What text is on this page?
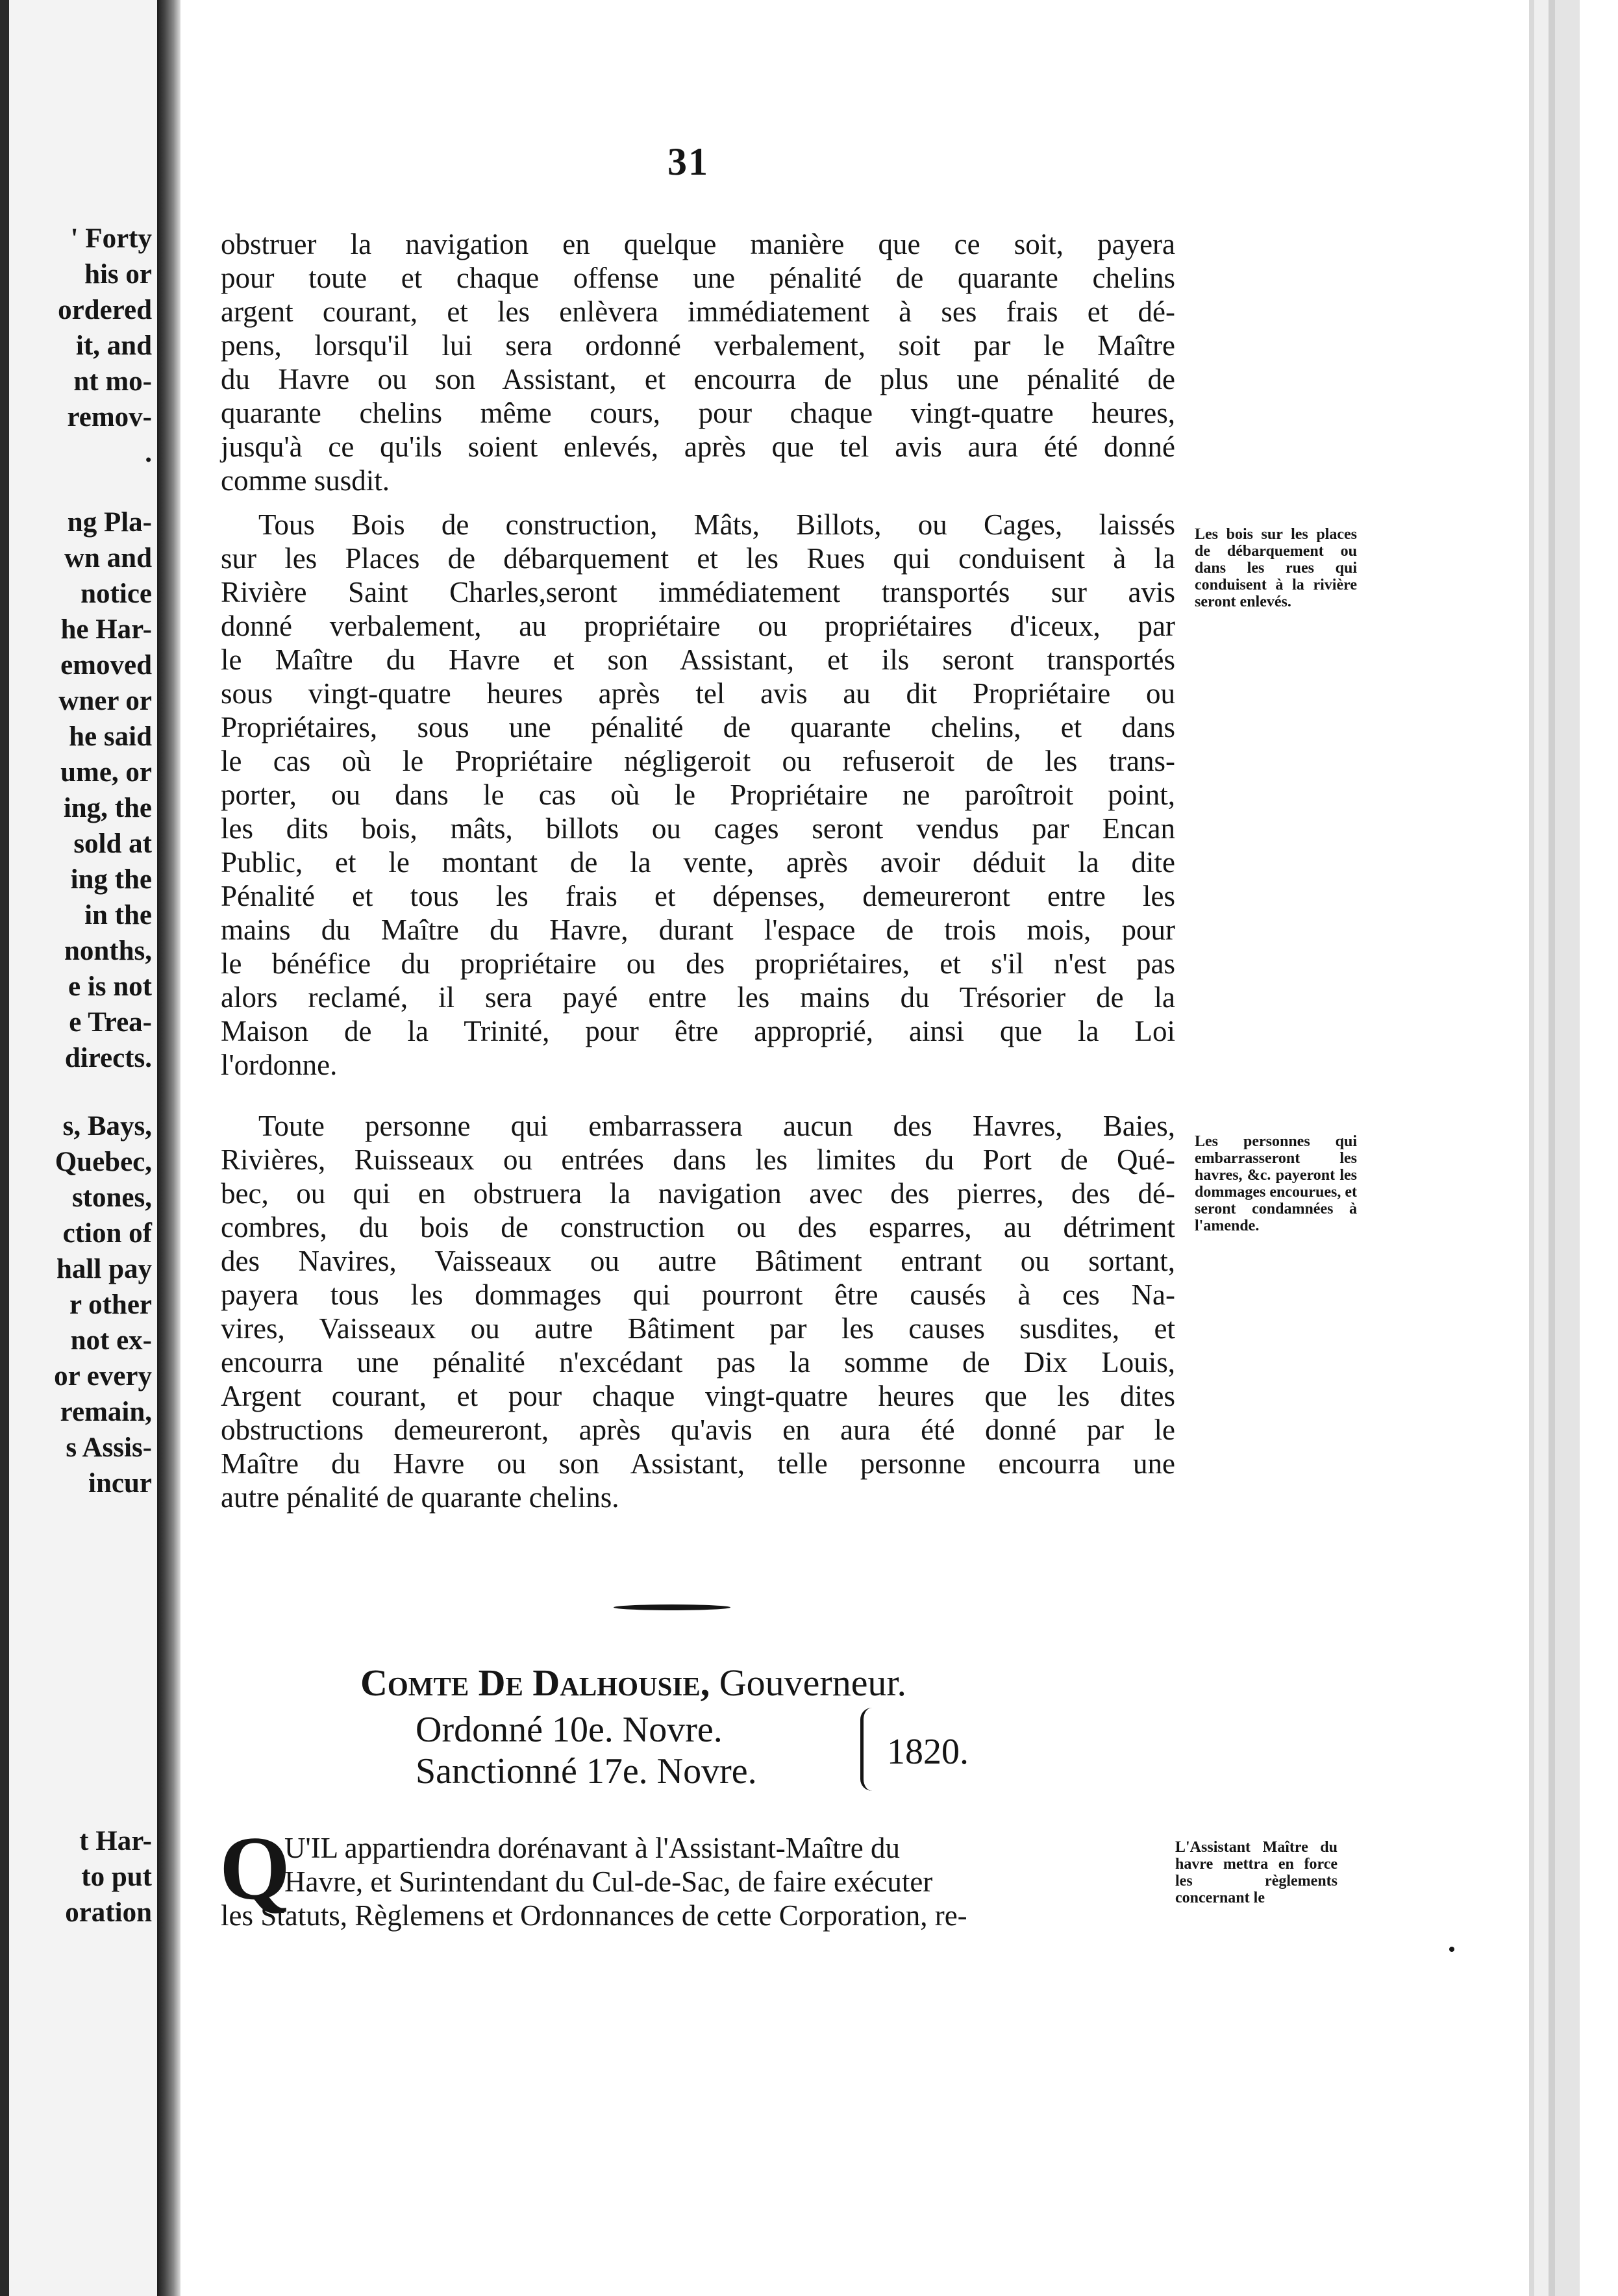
' Forty
his or
ordered
it, and
nt mo-
remov-
.
ng Pla-
wn and
notice
he Har-
emoved
wner or
he said
ume, or
ing, the
sold at
ing the
in the
nonths,
e is not
e Trea-
directs.
s, Bays,
Quebec,
stones,
ction of
hall pay
r other
not ex-
or every
remain,
s Assis-
incur
t Har-
to put
oration
31
obstruer la navigation en quelque manière que ce soit, payera
pour toute et chaque offense une pénalité de quarante chelins
argent courant, et les enlèvera immédiatement à ses frais et dé-
pens, lorsqu'il lui sera ordonné verbalement, soit par le Maître
du Havre ou son Assistant, et encourra de plus une pénalité de
quarante chelins même cours, pour chaque vingt-quatre heures,
jusqu'à ce qu'ils soient enlevés, après que tel avis aura été donné
comme susdit.
Tous Bois de construction, Mâts, Billots, ou Cages, laissés
sur les Places de débarquement et les Rues qui conduisent à la
Rivière Saint Charles,seront immédiatement transportés sur avis
donné verbalement, au propriétaire ou propriétaires d'iceux, par
le Maître du Havre et son Assistant, et ils seront transportés
sous vingt-quatre heures après tel avis au dit Propriétaire ou
Propriétaires, sous une pénalité de quarante chelins, et dans
le cas où le Propriétaire négligeroit ou refuseroit de les trans-
porter, ou dans le cas où le Propriétaire ne paroîtroit point,
les dits bois, mâts, billots ou cages seront vendus par Encan
Public, et le montant de la vente, après avoir déduit la dite
Pénalité et tous les frais et dépenses, demeureront entre les
mains du Maître du Havre, durant l'espace de trois mois, pour
le bénéfice du propriétaire ou des propriétaires, et s'il n'est pas
alors reclamé, il sera payé entre les mains du Trésorier de la
Maison de la Trinité, pour être approprié, ainsi que la Loi
l'ordonne.
Toute personne qui embarrassera aucun des Havres, Baies,
Rivières, Ruisseaux ou entrées dans les limites du Port de Qué-
bec, ou qui en obstruera la navigation avec des pierres, des dé-
combres, du bois de construction ou des esparres, au détriment
des Navires, Vaisseaux ou autre Bâtiment entrant ou sortant,
payera tous les dommages qui pourront être causés à ces Na-
vires, Vaisseaux ou autre Bâtiment par les causes susdites, et
encourra une pénalité n'excédant pas la somme de Dix Louis,
Argent courant, et pour chaque vingt-quatre heures que les dites
obstructions demeureront, après qu'avis en aura été donné par le
Maître du Havre ou son Assistant, telle personne encourra une
autre pénalité de quarante chelins.
Les bois sur les places de débarquement ou dans les rues qui conduisent à la rivière seront enlevés.
Les personnes qui embarrasseront les havres, &c. payeront les dommages encourues, et seront condamnées à l'amende.
L'Assistant Maître du havre mettra en force les règlements concernant le
Comte De Dalhousie, Gouverneur.
Ordonné 10e. Novre.
Sanctionné 17e. Novre.	1820.
Q
U'IL appartiendra dorénavant à l'Assistant-Maître du
Havre, et Surintendant du Cul-de-Sac, de faire exécuter
les Statuts, Règlemens et Ordonnances de cette Corporation, re-
